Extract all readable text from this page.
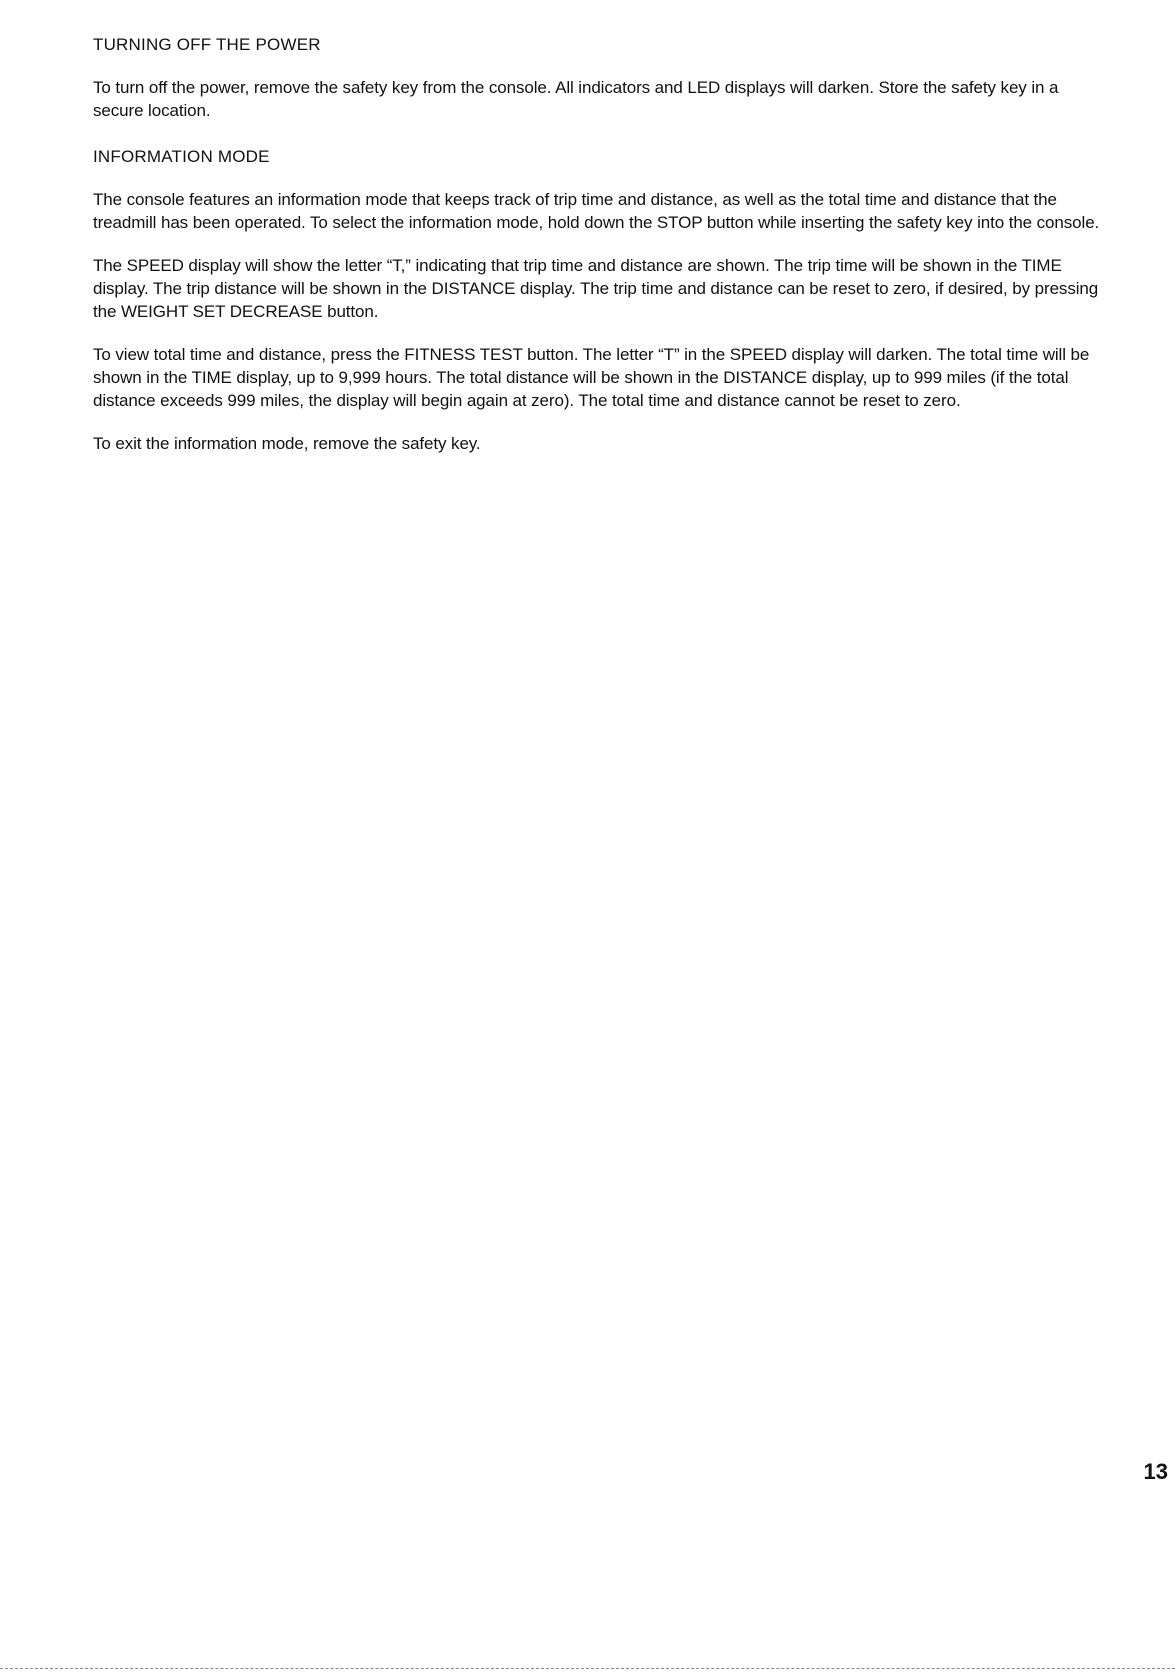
TURNING OFF THE POWER

To turn off the power, remove the safety key from the console. All indicators and LED displays will darken. Store the safety key in a secure location.

INFORMATION MODE

The console features an information mode that keeps track of trip time and distance, as well as the total time and distance that the treadmill has been operated. To select the information mode, hold down the STOP button while inserting the safety key into the console.

The SPEED display will show the letter “T,” indicating that trip time and distance are shown. The trip time will be shown in the TIME display. The trip distance will be shown in the DISTANCE display. The trip time and distance can be reset to zero, if desired, by pressing the WEIGHT SET DECREASE button.

To view total time and distance, press the FITNESS TEST button. The letter “T” in the SPEED display will darken. The total time will be shown in the TIME display, up to 9,999 hours. The total distance will be shown in the DISTANCE display, up to 999 miles (if the total distance exceeds 999 miles, the display will begin again at zero). The total time and distance cannot be reset to zero.

To exit the information mode, remove the safety key.

13
